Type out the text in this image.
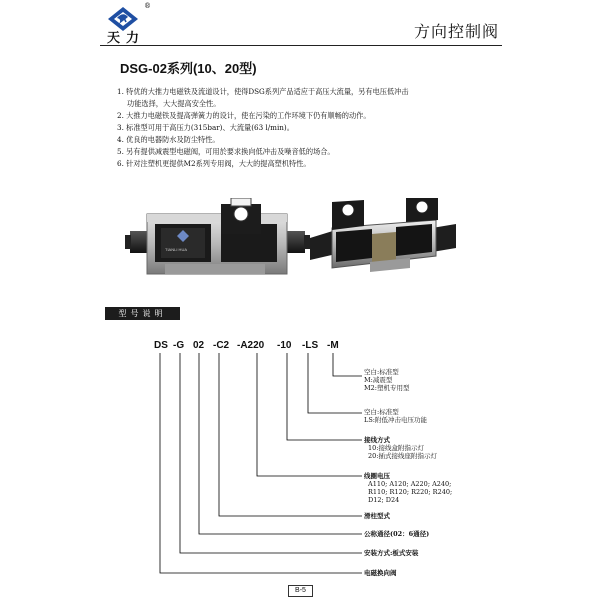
®
天力	方向控制阀
DSG-02系列(10、20型)
1. 特优的大推力电磁铁及流道设计，使得DSG系列产品适应于高压大流量，另有电压低冲击
功能选择，大大提高安全性。
2. 大推力电磁铁及提高弹簧力的设计，使在污染的工作环境下仍有顺畅的动作。
3. 标准型可用于高压力(315bar)、大流量(63 l/min)。
4. 优良的电器防水及防尘特性。
5. 另有提供减震型电磁阀，可用於要求换向低冲击及噪音低的场合。
6. 针对注塑机更提供M2系列专用阀，大大的提高塑机特性。
TIANLI HUA
型号说明
DS -G 02 -C2 -A220 -10 -LS -M
空白:标准型
M:减震型
M2:塑机专用型
空白:标准型
LS:附低冲击电压功能
接线方式
10:接线盒附指示灯
20:插式接线座附指示灯
线圈电压
A110; A120; A220; A240;
R110; R120; R220; R240;
D12; D24
滑柱型式
公称通径(02：6通径)
安装方式:板式安装
电磁换向阀
B-5
